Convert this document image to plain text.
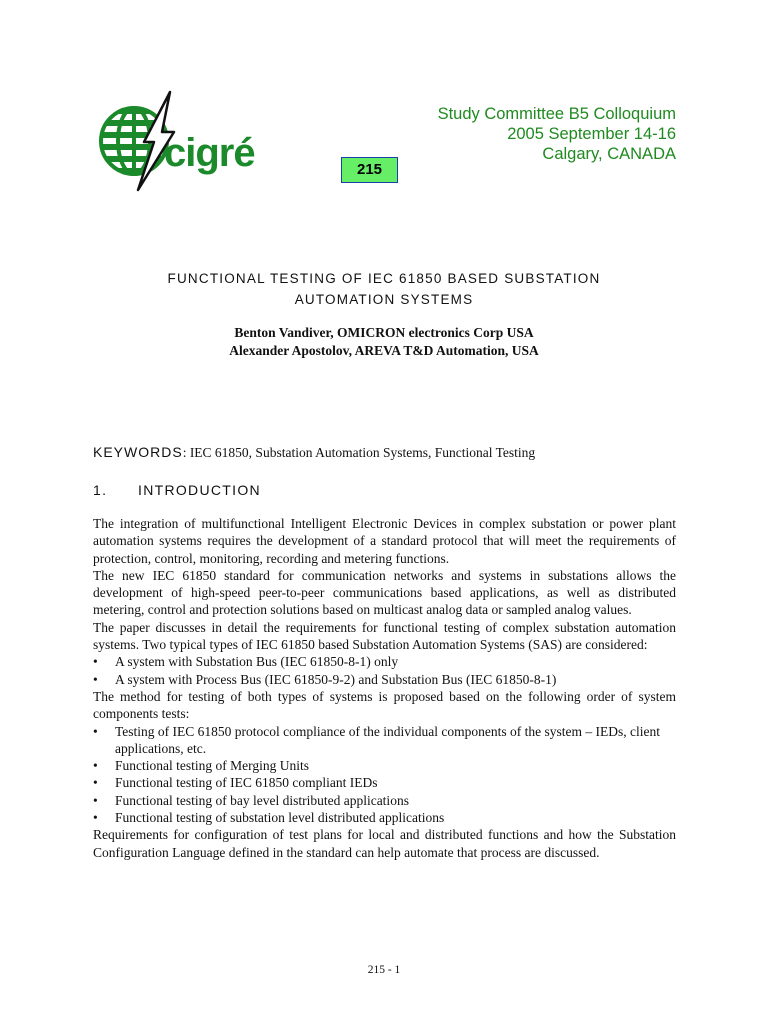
cigré
Study Committee B5 Colloquium
2005 September 14-16
Calgary, CANADA
215
FUNCTIONAL TESTING OF IEC 61850 BASED SUBSTATION
AUTOMATION SYSTEMS
Benton Vandiver, OMICRON electronics Corp USA
Alexander Apostolov, AREVA T&D Automation, USA
KEYWORDS: IEC 61850, Substation Automation Systems, Functional Testing
1. INTRODUCTION

The integration of multifunctional Intelligent Electronic Devices in complex substation or power plant automation systems requires the development of a standard protocol that will meet the requirements of protection, control, monitoring, recording and metering functions.

The new IEC 61850 standard for communication networks and systems in substations allows the development of high-speed peer-to-peer communications based applications, as well as distributed metering, control and protection solutions based on multicast analog data or sampled analog values.

The paper discusses in detail the requirements for functional testing of complex substation automation systems. Two typical types of IEC 61850 based Substation Automation Systems (SAS) are considered:

• A system with Substation Bus (IEC 61850-8-1) only
• A system with Process Bus (IEC 61850-9-2) and Substation Bus (IEC 61850-8-1)

The method for testing of both types of systems is proposed based on the following order of system components tests:

• Testing of IEC 61850 protocol compliance of the individual components of the system – IEDs, client applications, etc.
• Functional testing of Merging Units
• Functional testing of IEC 61850 compliant IEDs
• Functional testing of bay level distributed applications
• Functional testing of substation level distributed applications

Requirements for configuration of test plans for local and distributed functions and how the Substation Configuration Language defined in the standard can help automate that process are discussed.

215 - 1
